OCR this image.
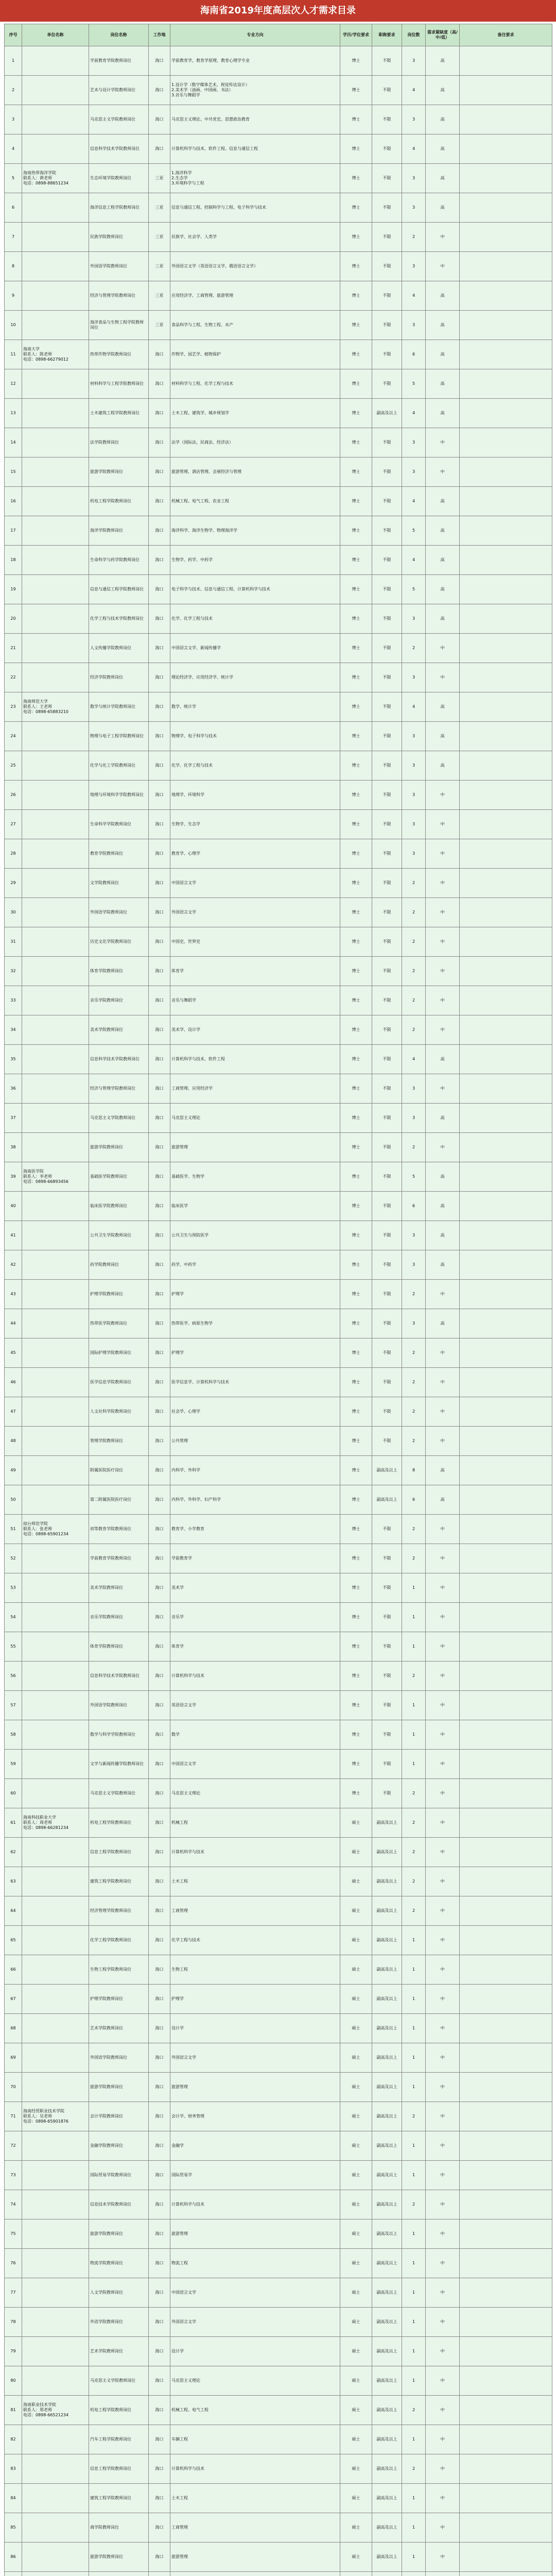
海南省2019年度高层次人才需求目录
序号	单位名称	岗位名称	工作地	专业方向	学历/学位要求	职称要求	岗位数	需求紧缺度（高/中/低）	备注要求
1		学前教育学院教师岗位	海口	学前教育学，教育学原理，教育心理学专业	博士	不限	3	高	
2		艺术与设计学院教师岗位	海口	1.设计学（数字媒体艺术、视觉传达设计）
2.美术学（油画、中国画、书法）
3.音乐与舞蹈学	博士	不限	4	高	
3		马克思主义学院教师岗位	海口	马克思主义理论、中共党史、思想政治教育	博士	不限	3	高	
4		信息科学技术学院教师岗位	海口	计算机科学与技术、软件工程、信息与通信工程	博士	不限	4	高	
5	海南热带海洋学院
联系人：黄老师
电话：0898-88651234	生态环境学院教师岗位	三亚	1.海洋科学
2.生态学
3.环境科学与工程	博士	不限	3	高	
6		海洋信息工程学院教师岗位	三亚	信息与通信工程、控制科学与工程、电子科学与技术	博士	不限	3	高	
7		民族学院教师岗位	三亚	民族学、社会学、人类学	博士	不限	2	中	
8		外国语学院教师岗位	三亚	外国语言文学（英语语言文学、俄语语言文学）	博士	不限	3	中	
9		经济与管理学院教师岗位	三亚	应用经济学、工商管理、旅游管理	博士	不限	4	高	
10		海洋食品与生物工程学院教师岗位	三亚	食品科学与工程、生物工程、水产	博士	不限	3	高	
11	海南大学
联系人：陈老师
电话：0898-66279012	热带作物学院教师岗位	海口	作物学、园艺学、植物保护	博士	不限	6	高	
12		材料科学与工程学院教师岗位	海口	材料科学与工程、化学工程与技术	博士	不限	5	高	
13		土木建筑工程学院教师岗位	海口	土木工程、建筑学、城乡规划学	博士	副高及以上	4	高	
14		法学院教师岗位	海口	法学（国际法、民商法、经济法）	博士	不限	3	中	
15		旅游学院教师岗位	海口	旅游管理、酒店管理、会展经济与管理	博士	不限	3	中	
16		机电工程学院教师岗位	海口	机械工程、电气工程、农业工程	博士	不限	4	高	
17		海洋学院教师岗位	海口	海洋科学、海洋生物学、物理海洋学	博士	不限	5	高	
18		生命科学与药学院教师岗位	海口	生物学、药学、中药学	博士	不限	4	高	
19		信息与通信工程学院教师岗位	海口	电子科学与技术、信息与通信工程、计算机科学与技术	博士	不限	5	高	
20		化学工程与技术学院教师岗位	海口	化学、化学工程与技术	博士	不限	3	高	
21		人文传播学院教师岗位	海口	中国语言文学、新闻传播学	博士	不限	2	中	
22		经济学院教师岗位	海口	理论经济学、应用经济学、统计学	博士	不限	3	中	
23	海南师范大学
联系人：王老师
电话：0898-65883210	数学与统计学院教师岗位	海口	数学、统计学	博士	不限	4	高	
24		物理与电子工程学院教师岗位	海口	物理学、电子科学与技术	博士	不限	3	高	
25		化学与化工学院教师岗位	海口	化学、化学工程与技术	博士	不限	3	高	
26		地理与环境科学学院教师岗位	海口	地理学、环境科学	博士	不限	3	中	
27		生命科学学院教师岗位	海口	生物学、生态学	博士	不限	3	中	
28		教育学院教师岗位	海口	教育学、心理学	博士	不限	3	中	
29		文学院教师岗位	海口	中国语言文学	博士	不限	2	中	
30		外国语学院教师岗位	海口	外国语言文学	博士	不限	2	中	
31		历史文化学院教师岗位	海口	中国史、世界史	博士	不限	2	中	
32		体育学院教师岗位	海口	体育学	博士	不限	2	中	
33		音乐学院教师岗位	海口	音乐与舞蹈学	博士	不限	2	中	
34		美术学院教师岗位	海口	美术学、设计学	博士	不限	2	中	
35		信息科学技术学院教师岗位	海口	计算机科学与技术、软件工程	博士	不限	4	高	
36		经济与管理学院教师岗位	海口	工商管理、应用经济学	博士	不限	3	中	
37		马克思主义学院教师岗位	海口	马克思主义理论	博士	不限	3	高	
38		旅游学院教师岗位	海口	旅游管理	博士	不限	2	中	
39	海南医学院
联系人：李老师
电话：0898-66893456	基础医学院教师岗位	海口	基础医学、生物学	博士	不限	5	高	
40		临床医学院教师岗位	海口	临床医学	博士	不限	6	高	
41		公共卫生学院教师岗位	海口	公共卫生与预防医学	博士	不限	3	高	
42		药学院教师岗位	海口	药学、中药学	博士	不限	3	高	
43		护理学院教师岗位	海口	护理学	博士	不限	2	中	
44		热带医学院教师岗位	海口	热带医学、病原生物学	博士	不限	3	高	
45		国际护理学院教师岗位	海口	护理学	博士	不限	2	中	
46		医学信息学院教师岗位	海口	医学信息学、计算机科学与技术	博士	不限	2	中	
47		人文社科学院教师岗位	海口	社会学、心理学	博士	不限	2	中	
48		管理学院教师岗位	海口	公共管理	博士	不限	2	中	
49		附属医院医疗岗位	海口	内科学、外科学	博士	副高及以上	8	高	
50		第二附属医院医疗岗位	海口	内科学、外科学、妇产科学	博士	副高及以上	6	高	
51	琼台师范学院
联系人：张老师
电话：0898-65901234	初等教育学院教师岗位	海口	教育学、小学教育	博士	不限	2	中	
52		学前教育学院教师岗位	海口	学前教育学	博士	不限	2	中	
53		美术学院教师岗位	海口	美术学	博士	不限	1	中	
54		音乐学院教师岗位	海口	音乐学	博士	不限	1	中	
55		体育学院教师岗位	海口	体育学	博士	不限	1	中	
56		信息科学技术学院教师岗位	海口	计算机科学与技术	博士	不限	2	中	
57		外国语学院教师岗位	海口	英语语言文学	博士	不限	1	中	
58		数学与科学学院教师岗位	海口	数学	博士	不限	1	中	
59		文学与新闻传播学院教师岗位	海口	中国语言文学	博士	不限	1	中	
60		马克思主义学院教师岗位	海口	马克思主义理论	博士	不限	2	中	
61	海南科技职业大学
联系人：周老师
电话：0898-66281234	机电工程学院教师岗位	海口	机械工程	硕士	副高及以上	2	中	
62		信息工程学院教师岗位	海口	计算机科学与技术	硕士	副高及以上	2	中	
63		建筑工程学院教师岗位	海口	土木工程	硕士	副高及以上	2	中	
64		经济管理学院教师岗位	海口	工商管理	硕士	副高及以上	2	中	
65		化学工程学院教师岗位	海口	化学工程与技术	硕士	副高及以上	1	中	
66		生物工程学院教师岗位	海口	生物工程	硕士	副高及以上	1	中	
67		护理学院教师岗位	海口	护理学	硕士	副高及以上	1	中	
68		艺术学院教师岗位	海口	设计学	硕士	副高及以上	1	中	
69		外国语学院教师岗位	海口	外国语言文学	硕士	副高及以上	1	中	
70		旅游学院教师岗位	海口	旅游管理	硕士	副高及以上	1	中	
71	海南经贸职业技术学院
联系人：吴老师
电话：0898-65901876	会计学院教师岗位	海口	会计学、财务管理	硕士	副高及以上	2	中	
72		金融学院教师岗位	海口	金融学	硕士	副高及以上	1	中	
73		国际贸易学院教师岗位	海口	国际贸易学	硕士	副高及以上	1	中	
74		信息技术学院教师岗位	海口	计算机科学与技术	硕士	副高及以上	2	中	
75		旅游学院教师岗位	海口	旅游管理	硕士	副高及以上	1	中	
76		物流学院教师岗位	海口	物流工程	硕士	副高及以上	1	中	
77		人文学院教师岗位	海口	中国语言文学	硕士	副高及以上	1	中	
78		外语学院教师岗位	海口	外国语言文学	硕士	副高及以上	1	中	
79		艺术学院教师岗位	海口	设计学	硕士	副高及以上	1	中	
80		马克思主义学院教师岗位	海口	马克思主义理论	硕士	副高及以上	1	中	
81	海南职业技术学院
联系人：郑老师
电话：0898-66521234	机电工程学院教师岗位	海口	机械工程、电气工程	硕士	副高及以上	2	中	
82		汽车工程学院教师岗位	海口	车辆工程	硕士	副高及以上	1	中	
83		信息工程学院教师岗位	海口	计算机科学与技术	硕士	副高及以上	2	中	
84		建筑工程学院教师岗位	海口	土木工程	硕士	副高及以上	1	中	
85		商学院教师岗位	海口	工商管理	硕士	副高及以上	1	中	
86		旅游学院教师岗位	海口	旅游管理	硕士	副高及以上	1	中	
